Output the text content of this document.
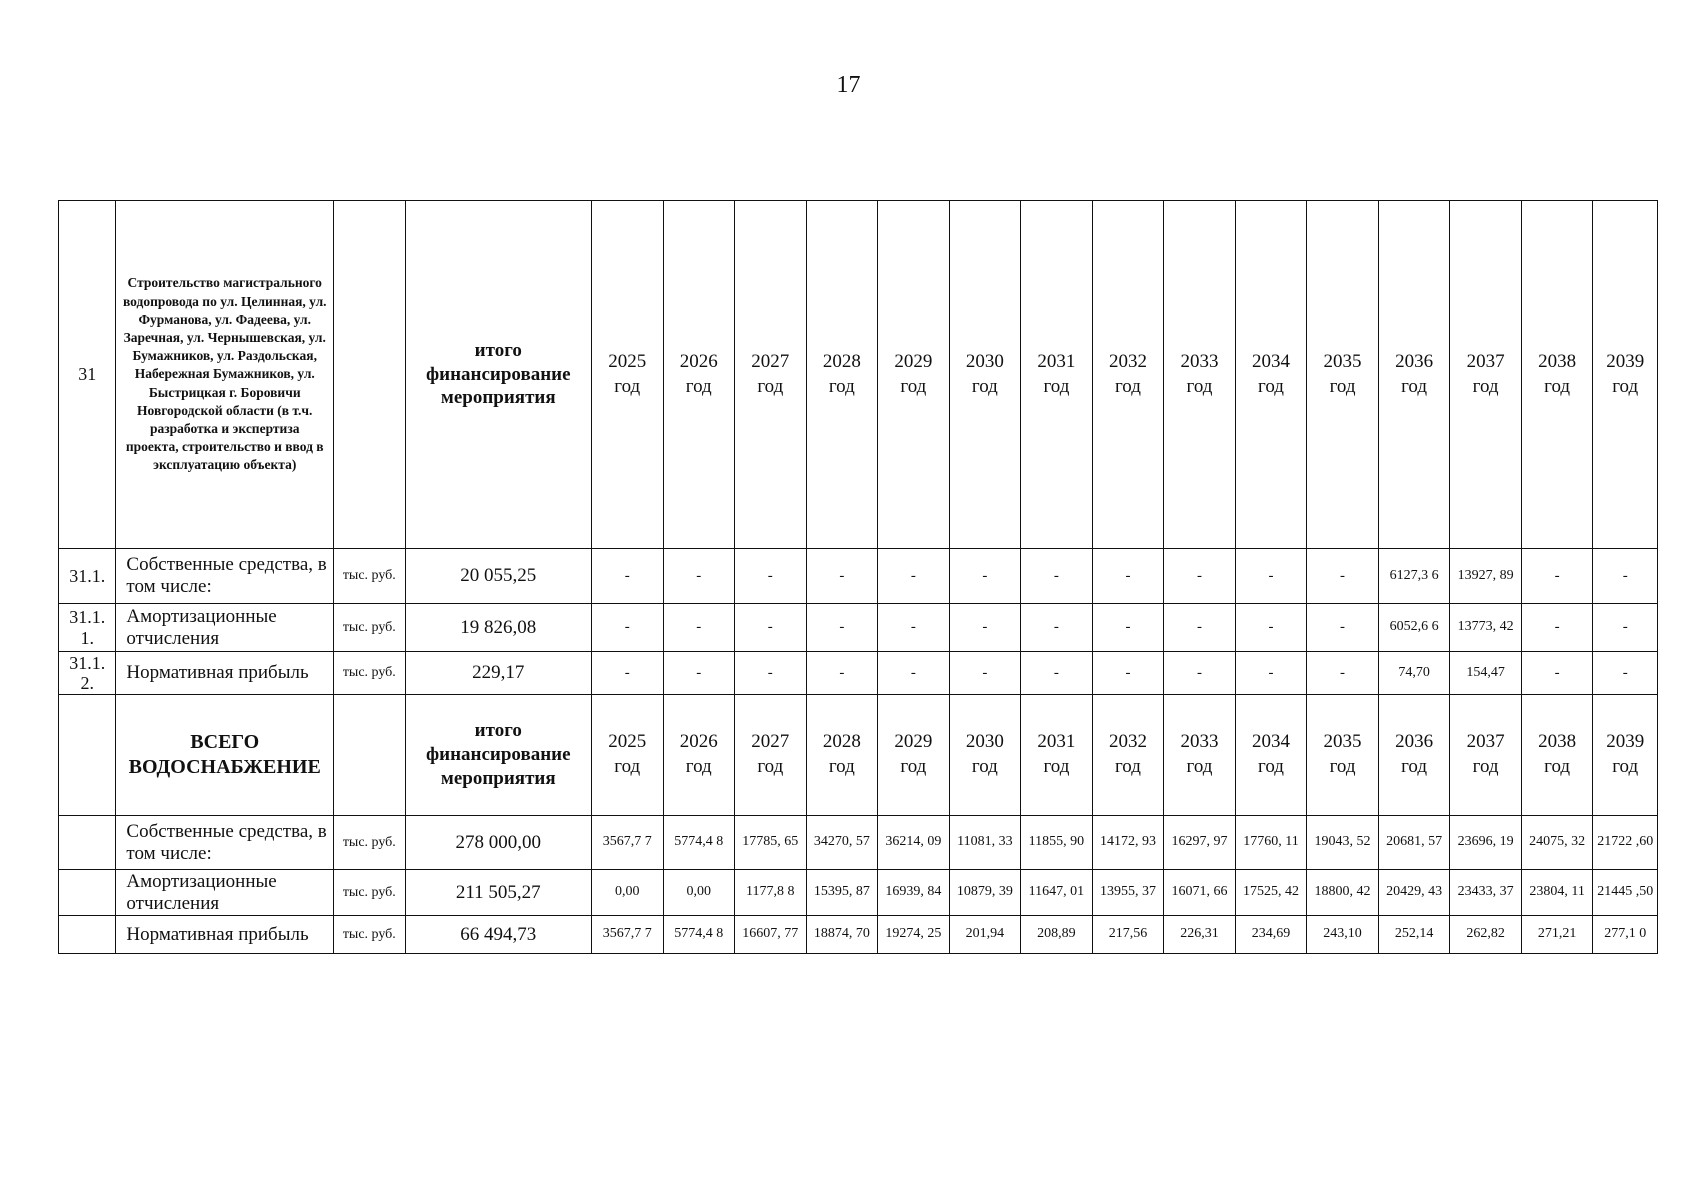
17
31	Строительство магистрального водопровода по ул. Целинная, ул. Фурманова, ул. Фадеева, ул. Заречная, ул. Чернышевская, ул. Бумажников, ул. Раздольская, Набережная Бумажников, ул. Быстрицкая г. Боровичи Новгородской области (в т.ч. разработка и экспертиза проекта, строительство и ввод в эксплуатацию объекта)		итого финансирование мероприятия	2025 год	2026 год	2027 год	2028 год	2029 год	2030 год	2031 год	2032 год	2033 год	2034 год	2035 год	2036 год	2037 год	2038 год	2039 год
31.1.	Собственные средства, в том числе:	тыс. руб.	20 055,25	-	-	-	-	-	-	-	-	-	-	-	6127,3 6	13927, 89	-	-
31.1. 1.	Амортизационные отчисления	тыс. руб.	19 826,08	-	-	-	-	-	-	-	-	-	-	-	6052,6 6	13773, 42	-	-
31.1. 2.	Нормативная прибыль	тыс. руб.	229,17	-	-	-	-	-	-	-	-	-	-	-	74,70	154,47	-	-
	ВСЕГО ВОДОСНАБЖЕНИЕ		итого финансирование мероприятия	2025 год	2026 год	2027 год	2028 год	2029 год	2030 год	2031 год	2032 год	2033 год	2034 год	2035 год	2036 год	2037 год	2038 год	2039 год
	Собственные средства, в том числе:	тыс. руб.	278 000,00	3567,7 7	5774,4 8	17785, 65	34270, 57	36214, 09	11081, 33	11855, 90	14172, 93	16297, 97	17760, 11	19043, 52	20681, 57	23696, 19	24075, 32	21722 ,60
	Амортизационные отчисления	тыс. руб.	211 505,27	0,00	0,00	1177,8 8	15395, 87	16939, 84	10879, 39	11647, 01	13955, 37	16071, 66	17525, 42	18800, 42	20429, 43	23433, 37	23804, 11	21445 ,50
	Нормативная прибыль	тыс. руб.	66 494,73	3567,7 7	5774,4 8	16607, 77	18874, 70	19274, 25	201,94	208,89	217,56	226,31	234,69	243,10	252,14	262,82	271,21	277,1 0
